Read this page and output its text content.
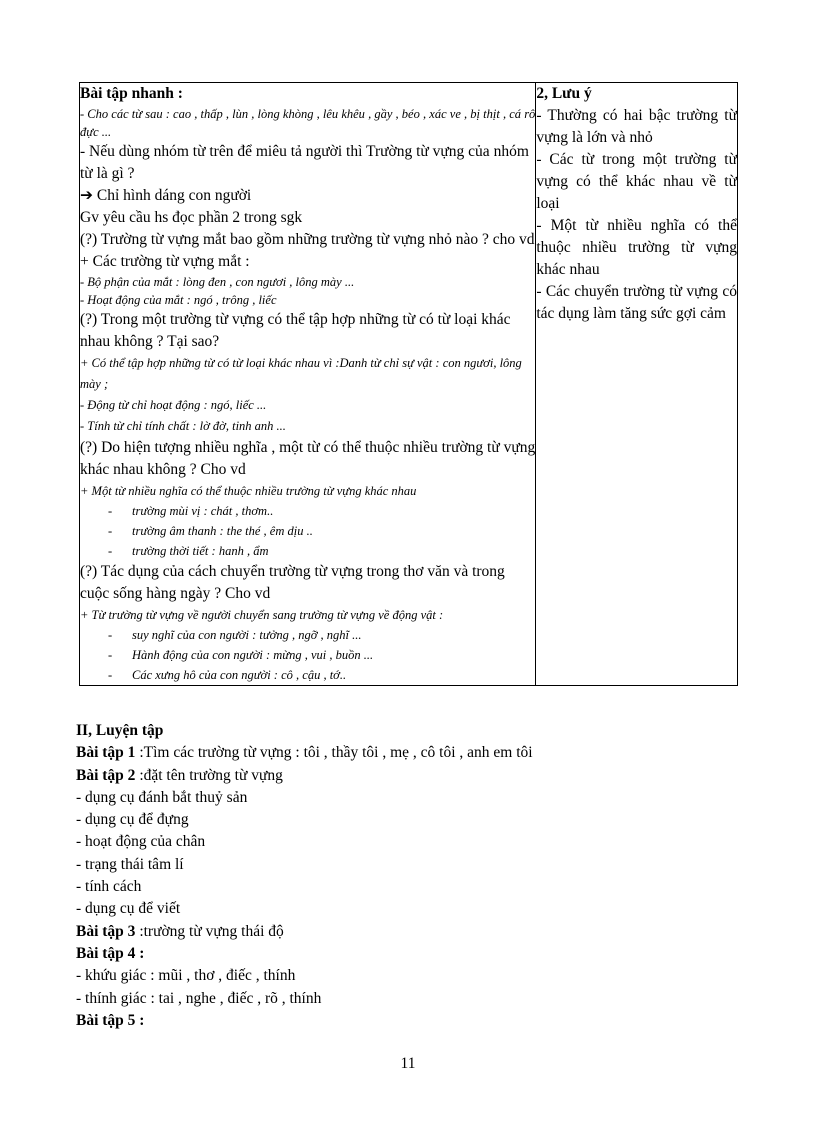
Bài tập nhanh :
- Cho các từ sau : cao , thấp , lùn , lòng khòng , lêu khêu , gầy , béo , xác ve , bị thịt , cá rô đực ...
- Nếu dùng nhóm từ trên để miêu tả người thì Trường từ vựng của nhóm từ là gì ?
➔ Chỉ hình dáng con người
Gv yêu cầu hs đọc phần 2 trong sgk
(?) Trường từ vựng mắt bao gồm những trường từ vựng nhỏ nào ? cho vd
+ Các trường từ vựng mắt :
- Bộ phận của mắt : lòng đen , con ngươi , lông mày ...
- Hoạt động của mắt : ngó , trông , liếc
(?) Trong một trường từ vựng có thể tập hợp những từ có từ loại khác nhau không ? Tại sao?
+ Có thể tập hợp những từ có từ loại khác nhau vì :Danh từ chỉ sự vật : con ngươi, lông mày ;
- Động từ chỉ hoạt động : ngó, liếc ...
- Tính từ chỉ tính chất : lờ đờ, tinh anh ...
(?) Do hiện tượng nhiều nghĩa , một từ có thể thuộc nhiều trường từ vựng khác nhau không ? Cho vd
+ Một từ nhiều nghĩa có thể thuộc nhiều trường từ vựng khác nhau
- trường mùi vị : chát , thơm..
- trường âm thanh : the thé , êm dịu ..
- trường thời tiết : hanh , ẩm
(?) Tác dụng của cách chuyển trường từ vựng trong thơ văn và trong cuộc sống hàng ngày ? Cho vd
+ Từ trường từ vựng về người chuyển sang trường từ vựng về động vật :
- suy nghĩ của con người : tưởng , ngỡ , nghĩ ...
- Hành động của con người : mừng , vui , buồn ...
- Các xưng hô của con người : cô , cậu , tớ..

2, Lưu ý
- Thường có hai bậc trường từ vựng là lớn và nhỏ
- Các từ trong một trường từ vựng có thể khác nhau về từ loại
- Một từ nhiều nghĩa có thể thuộc nhiều trường từ vựng khác nhau
- Các chuyển trường từ vựng có tác dụng làm tăng sức gợi cảm
II, Luyện tập
Bài tập 1 :Tìm các trường từ vựng : tôi , thầy tôi , mẹ , cô tôi , anh em tôi
Bài tập 2 :đặt tên trường từ vựng
- dụng cụ đánh bắt thuỷ sản
- dụng cụ để đựng
- hoạt động của chân
- trạng thái tâm lí
- tính cách
- dụng cụ để viết
Bài tập 3 :trường từ vựng thái độ
Bài tập 4 :
- khứu giác : mũi , thơ , điếc , thính
- thính giác : tai , nghe , điếc , rõ , thính
Bài tập 5 :
11
